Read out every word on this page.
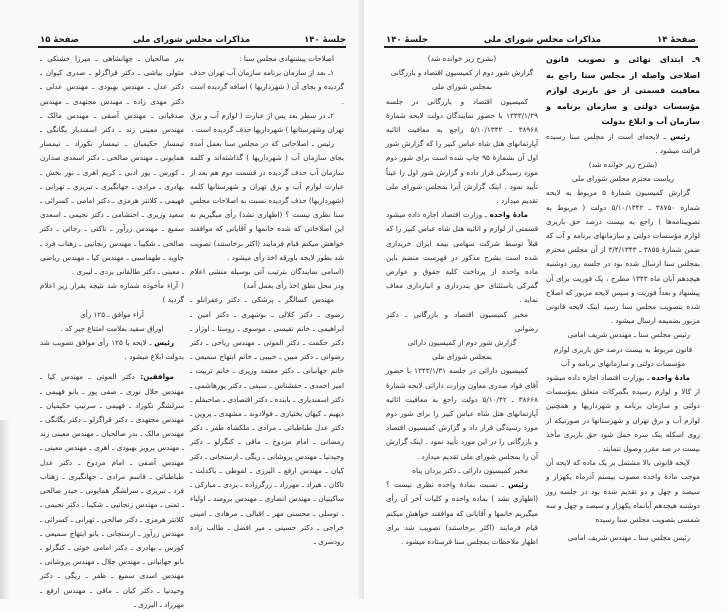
جلسهٔ ۱۴۰
مذاکرات مجلس شورای ملی
صفحهٔ ۱۵

اصلاحات پیشنهادی مجلس سنا :

۱ـ بعد از سازمان برنامه سازمان آب تهران حذف گردیده و بجای آن ( شهرداریها ) اضافه گردیده است .

۲ـ در سطر بعد پس از عبارت ( لوازم آب و برق تهران وشهرستانها ) شهرداریها حذف گردیده است .

رئیس ـ اصلاحاتی که در مجلس سنا بعمل آمده بجای سازمان آب ( شهرداریها ) گذاشته‌اند و کلمه سازمان آب حذف گردیده در قسمت دوم هم بعد از عبارت لوازم آب و برق تهران و شهرستانها کلمه (شهرداریها) حذف گردیده نسبت به اصلاحات مجلس سنا نظری نیست ؟ (اظهاری نشد) رأی میگیریم به این اصلاحاتی که شده خانمها و آقایانی که موافقند خواهش میکنم قیام فرمایند (اکثر برخاستند) تصویب شد بطور لایحه باورقه اخذ رأی میشود .

(اسامی نمایندگان بترتیب آتی بوسیله منشی اعلام ودر محل نطق اخذ رأی بعمل آمد)

مهندس کسالگر ـ پزشکی ـ دکتر زعفرانلو ـ رضوی ـ دکتر کلالی ـ بوشهری ـ دکتر امین ـ ابراهیمی ـ خانم نفیسی ـ موسوی ـ روستا ـ اوزار ـ دکتر حکمت ـ دکتر الموتی ـ مهندس ریاحی ـ دکتر رضوانی ـ دکتر مبین ـ حبیبی ـ خانم ابتهاج سمیعی ـ خانم جهانبانی ـ دکتر معتمد وزیری ـ خانم تربیت ـ امیر احمدی ـ حقشناس ـ سیفی ـ دکتر پورهاشمی ـ دکتر اسفندیاری ـ بابنده ـ دکتر اقتصادی ـ صاحبقلم ـ دیهیم ـ کیهان بختیاری ـ فولادوند ـ مشهدی ـ پروین ـ دکتر عدل طباطبائی ـ مرادی ـ ملکشاه ظفر ـ دکتر رمضانی ـ امام مردوخ ـ ماقی ـ کنگرلو ـ دکتر وحیدنیا ـ مهندس پروشانی ـ ریگی ـ ارسنجانی ـ دکتر کیان ـ مهندس ارفع ـ البرزی ـ لفوطی ـ باکدلت ـ تاکان ـ هیراد ـ مهرزاد ـ زرگرزاده ـ یزدی ـ مبارکی ـ ساکینیان ـ مهندس انصاری ـ مهندس برومند ـ اولیاء ـ توسلی ـ محسنی مهر ـ اقبالی ـ مرهادی ـ امینی خراجی ـ دکتر حسینی ـ میر افضل ـ طالب زاده رودسری ـ

بدر صالحیان ـ جهانشاهی ـ میرزا خشتکی ـ متولی بیاشی ـ دکتر قراگزلو ـ صدری کیوان ـ دکتر عدل ـ مهندس بهبودی ـ مهندس عدلی ـ دکتر مهدی زاده ـ مهندس مجتهدی ـ مهندس صدقیانی ـ مهندس آصفی ـ مهندس مالک ـ مهندس معینی زند ـ دکتر اسفندیار یگانگی ـ تیمسار حکیمیان ـ تیمسار نکوزاد ـ تیمسار همایونی ـ مهندس صالحی ـ دکتر اسعدی صدارن ـ کورس ـ پور ادبی ـ کریم اهری ـ نور بخش ـ بهادری ـ مرادی ـ جهانگیری ـ تبریزی ـ تهرانی ـ فهیمی ـ کلانتر هرمزی ـ دکتر امامی ـ کسرائی ـ سعید وزیری ـ احتشامی ـ دکتر نجیمی ـ اسعدی سمیع ـ مهندس زرآور ـ تاکنی ـ رجائی ـ دکتر صالحی ـ شکیبا ـ مهندس زنجانیی ـ زهتاب فرد ـ جاوید ـ طهماسبی ـ مهندس کیا ـ مهندس ریاضی ـ معینی ـ دکتر طالقانی یزدی ـ لیبری .

( آراء مأخوذه شماره شد نتیجه بقرار زیر اعلام گردید )

آراء موافق ـ ۱۲۵ رأی

اوراق سفید بعلامت امتناع جبر کد .

رئیس ـ لایحه با ۱۲۵ رأی موافق تصویب شد بدولت ابلاغ میشود .

موافقین: دکتر الموتی ـ مهندس کیا ـ مهندس جلال نوری ـ صفی پور ـ بانو فهیمی ـ سرلشگر نکوزاد ـ فهیمی ـ سرتیپ حکیمیان ـ مهندس مجتهدی ـ دکتر قراگزلو ـ دکتر یگانگی ـ مهندس مالک ـ بدر صالحیان ـ مهندس معینی زند ـ مهندس پرویز بهبودی ـ اهری ـ مهندس معینی ـ مهندس آصفی ـ امام مردوخ ـ دکتر عدل طباطبائی ـ قاسم مرادی ـ جهانگیری ـ زهتاب فرد ـ تبریزی ـ سرلشگر همایونی ـ حیدر صالحی ـ تمنی ـ مهندس زنجانیی ـ شکیبا ـ دکتر نجیمی ـ کلانتر هرمزی ـ دکتر صالحی ـ تهرانی ـ کسرائی ـ مهندس زرآور ـ ارسنجانی ـ بانو ابتهاج سمیعی ـ کورس ـ بهادری ـ دکتر امامی خوئی ـ کنگرلو ـ بانو جهانبانی ـ مهندس جلال ـ مهندس پروشانی ـ مهندس اسدی سمیع ـ ظفر ـ ریگی ـ دکتر وحیدنیا ـ دکتر کیان ـ ماقی ـ مهندس ارفع ـ مهرزاد ـ البرزی ـ

صفحهٔ ۱۴
مذاکرات مجلس شورای ملی
جلسهٔ ۱۴۰

۹ـ ابتدای نهائی و تصویب قانون اصلاحی واصله از مجلس سنا راجع به معافیت قسمتی از حق باربری لوازم مؤسسات دولتی و سازمان برنامه و سازمان آب و ابلاغ بدولت

رئیس ـ لایحه‌ای است از مجلس سنا رسیده قرائت میشود .

(بشرح زیر خوانده شد)

ریاست محترم مجلس شورای ملی

گزارش کمیسیون شمارهٔ ۵ مربوط به لایحه شماره ۳۸۷۵۰ ـ ۵/۱۰/۱۳۴۲ دولت ( مربوط به تصویبنامه‌ها ) راجع به بیست درصد حق باربری لوازم مؤسسات دولتی و سازمانهای برنامه و آب که ضمن شمارهٔ ۳۸۵۵ ـ ۴/۴/۱۳۴۳ از آن مجلس محترم بمجلس سنا ارسال شده بود در جلسه روز دوشنبه هیجدهم آبان ماه ۱۳۴۳ مطرح ، یک فوریت برای آن پیشنهاد و بعداً فوریت و سپس لایحه مزبور که اصلاح شده بتصویب مجلس سنا رسید اینک لایحه قانونی مزبور بضمیمه ارسال میشود .

رئیس مجلس سنا ـ مهندس شریف امامی

قانون مربوط به بیست درصد حق باربری لوازم مؤسسات دولتی و سازمانهای برنامه و آب

مادهٔ واحده ـ بوزارت اقتصاد اجازه داده میشود از کالا و لوازم رسیده بگمرکات متعلق بمؤسسات دولتی و سازمان برنامه و شهرداریها و همچنین لوازم آب و برق تهران و شهرستانها در صورتیکه از روی اسکله بنک سره حمل شود حق باربری مأخذ بیست در صد مقرر وصول ننمایند .

لایحه قانونی بالا مشتمل بر یک ماده که لایحه آن موجب مادهٔ واحده مصوب بیستم آذرماه یکهزار و سیصد و چهل و دو تقدیم شده بود در جلسه روز دوشنبه هیجدهم آبانماه یکهزار و سیصد و چهل و سه شمسی بتصویب مجلس سنا رسیده

رئیس مجلس سنا ـ مهندس شریف امامی

(بشرح زیر خوانده شد)

گزارش شور دوم از کمیسیون اقتصاد و بازرگانی

بمجلس شورای ملی

کمیسیون اقتصاد و بازرگانی در جلسه ۱۳۴۳/۱/۲۹ با حضور نمایندگان دولت لایحه شمارهٔ ۳۸۹۶۸ ـ ۵/۱۰/۱۳۴۲ راجع به معافیت اثاثیه آپارتمانهای هتل شاه عباس کبیر را که گزارش شور اول آن بشمارهٔ ۹۵ چاپ شده است برای شور دوم مورد رسیدگی قرار داده و گزارش شور اول را عیناً تأیید نمود . اینک گزارش آنرا بمجلس شورای ملی تقدیم میدارد .

مادهٔ واحده ـ وزارت اقتصاد اجازه داده میشود قسمتی از لوازم و اثاثیه هتل شاه عباس کبیر را که قبلاً توسط شرکت سهامی بیمه ایران خریداری شده است بشرح مذکور در فهرست منضم باین ماده واحده از پرداخت کلیه حقوق و عوارض گمرکی باستثنای حق بندرداری و انبارداری معاف نماید .

مخبر کمیسیون اقتصاد و بازرگانی ـ دکتر رضوانی

گزارش شور دوم از کمیسیون دارائی

بمجلس شورای ملی

کمیسیون دارائی در جلسه ۱۳۴۳/۱/۳۱ با حضور آقای فواد صدری معاون وزارت دارائی لایحه شمارهٔ ۳۸۶۶۸ ـ ۵/۱۰/۴۲ دولت راجع به معافیت اثاثیه آپارتمانهای هتل شاه عباس کبیر را برای شور دوم مورد رسیدگی قرار داد و گزارش کمیسیون اقتصاد و بازرگانی را در این مورد تأیید نمود . اینک گزارش آن را بمجلس شورای ملی تقدیم میدارد .

مخبر کمیسیون دارائی ـ دکتر یزدان پناه

رئیس ـ نسبت بمادهٔ واحده نظری نیست ؟ (اظهاری نشد ) بماده واحده و کلیات آخر آن رأی میگیریم خانمها و آقایانی که موافقند خواهش میکنم قیام فرمایند (اکثر برخاستند) تصویب شد برای اظهار ملاحظات بمجلس سنا فرستاده میشود .
